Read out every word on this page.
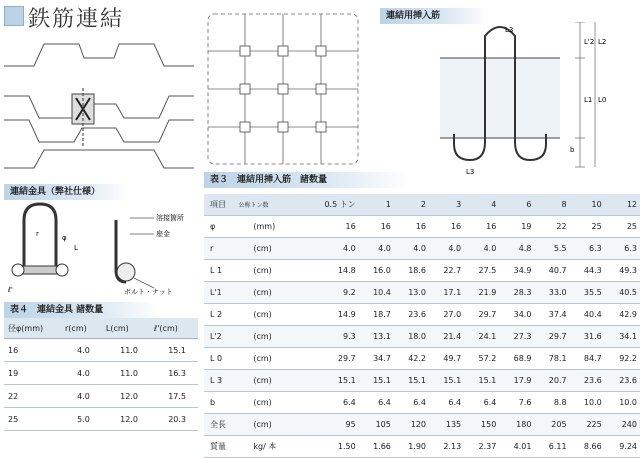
鉄筋連結	連結用挿入筋
L3
L'2 L2
L0
L1
b
L3
連結金具（弊社仕様）
r	φ
L
ℓ'
溶接箇所
座金
ボルト・ナット
表３　連結用挿入筋　諸数量
項目 公称トン数		0.5 トン	1	2	3	4	6	8	10	12
φ	(mm)	16	16	16	16	16	19	22	25	25
r	(cm)	4.0	4.0	4.0	4.0	4.0	4.8	5.5	6.3	6.3
L 1	(cm)	14.8	16.0	18.6	22.7	27.5	34.9	40.7	44.3	49.3
L'1	(cm)	9.2	10.4	13.0	17.1	21.9	28.3	33.0	35.5	40.5
L 2	(cm)	14.9	18.7	23.6	27.0	29.7	34.0	37.4	40.4	42.9
L'2	(cm)	9.3	13.1	18.0	21.4	24.1	27.3	29.7	31.6	34.1
L 0	(cm)	29.7	34.7	42.2	49.7	57.2	68.9	78.1	84.7	92.2
L 3	(cm)	15.1	15.1	15.1	15.1	15.1	17.9	20.7	23.6	23.6
b	(cm)	6.4	6.4	6.4	6.4	6.4	7.6	8.8	10.0	10.0
全長	(cm)	95	105	120	135	150	180	205	225	240
質量	kg/ 本	1.50	1.66	1.90	2.13	2.37	4.01	6.11	8.66	9.24
表４　連結金具 諸数量
径φ(mm)	r(cm)	L(cm)	ℓ'(cm)
16	4.0	11.0	15.1
19	4.0	11.0	16.3
22	4.0	12.0	17.5
25	5.0	12.0	20.3
